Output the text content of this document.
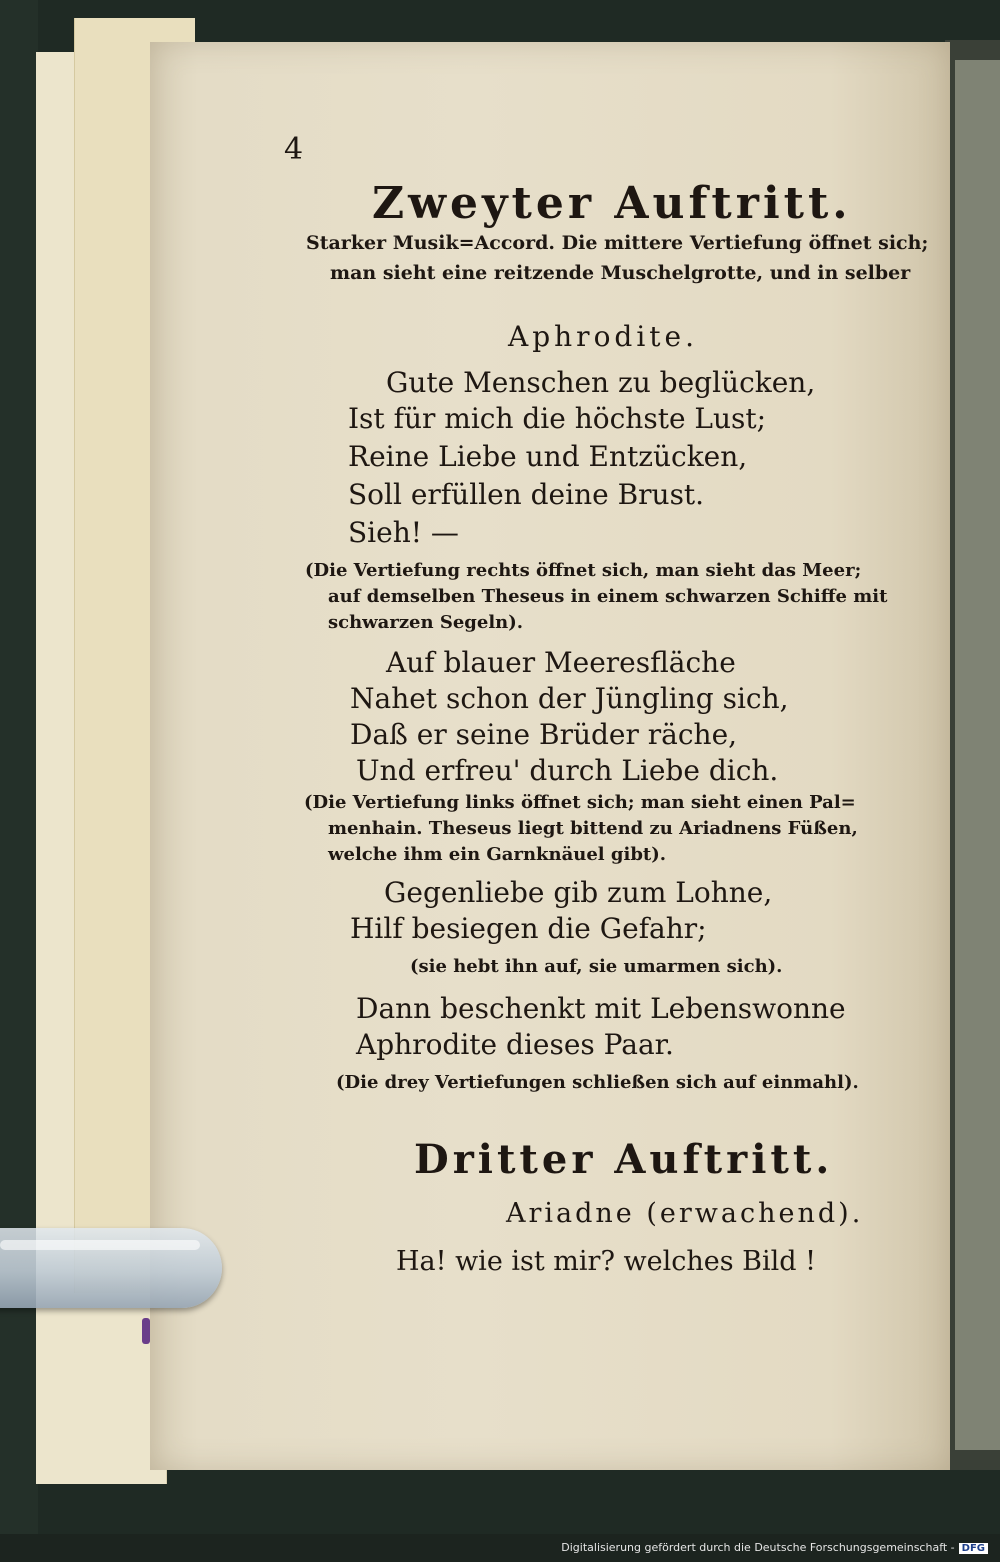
4
Zweyter Auftritt.
Starker Musik=Accord. Die mittere Vertiefung öffnet sich;
man sieht eine reitzende Muschelgrotte, und in selber
Aphrodite.
Gute Menschen zu beglücken,
Ist für mich die höchste Lust;
Reine Liebe und Entzücken,
Soll erfüllen deine Brust.
Sieh! —
(Die Vertiefung rechts öffnet sich, man sieht das Meer;
auf demselben Theseus in einem schwarzen Schiffe mit
schwarzen Segeln).
Auf blauer Meeresfläche
Nahet schon der Jüngling sich,
Daß er seine Brüder räche,
Und erfreu' durch Liebe dich.
(Die Vertiefung links öffnet sich; man sieht einen Pal=
menhain. Theseus liegt bittend zu Ariadnens Füßen,
welche ihm ein Garnknäuel gibt).
Gegenliebe gib zum Lohne,
Hilf besiegen die Gefahr;
(sie hebt ihn auf, sie umarmen sich).
Dann beschenkt mit Lebenswonne
Aphrodite dieses Paar.
(Die drey Vertiefungen schließen sich auf einmahl).
Dritter Auftritt.
Ariadne (erwachend).
Ha! wie ist mir? welches Bild !
Digitalisierung gefördert durch die Deutsche Forschungsgemeinschaft - DFG
